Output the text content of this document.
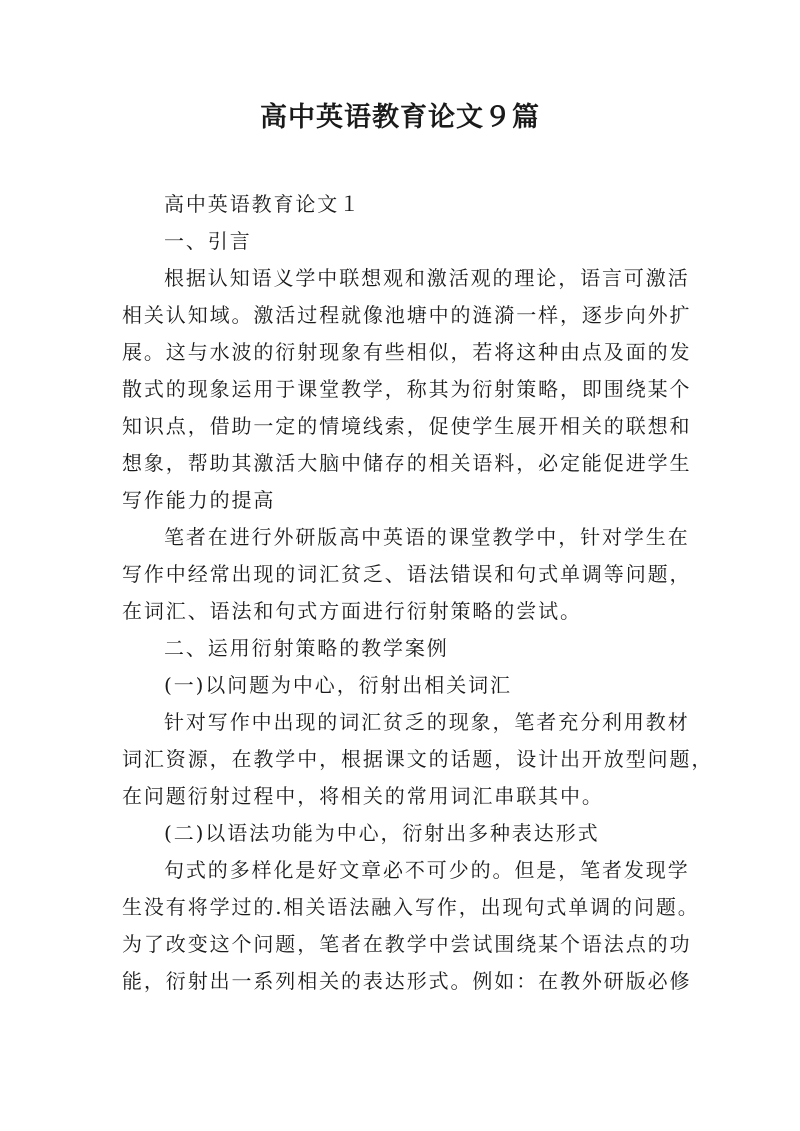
高中英语教育论文９篇
高中英语教育论文１
一、引言
根据认知语义学中联想观和激活观的理论，语言可激活
相关认知域。激活过程就像池塘中的涟漪一样，逐步向外扩
展。这与水波的衍射现象有些相似，若将这种由点及面的发
散式的现象运用于课堂教学，称其为衍射策略，即围绕某个
知识点，借助一定的情境线索，促使学生展开相关的联想和
想象，帮助其激活大脑中储存的相关语料，必定能促进学生
写作能力的提高
笔者在进行外研版高中英语的课堂教学中，针对学生在
写作中经常出现的词汇贫乏、语法错误和句式单调等问题，
在词汇、语法和句式方面进行衍射策略的尝试。
二、运用衍射策略的教学案例
(一)以问题为中心，衍射出相关词汇
针对写作中出现的词汇贫乏的现象，笔者充分利用教材
词汇资源，在教学中，根据课文的话题，设计出开放型问题，
在问题衍射过程中，将相关的常用词汇串联其中。
(二)以语法功能为中心，衍射出多种表达形式
句式的多样化是好文章必不可少的。但是，笔者发现学
生没有将学过的.相关语法融入写作，出现句式单调的问题。
为了改变这个问题，笔者在教学中尝试围绕某个语法点的功
能，衍射出一系列相关的表达形式。例如：在教外研版必修
